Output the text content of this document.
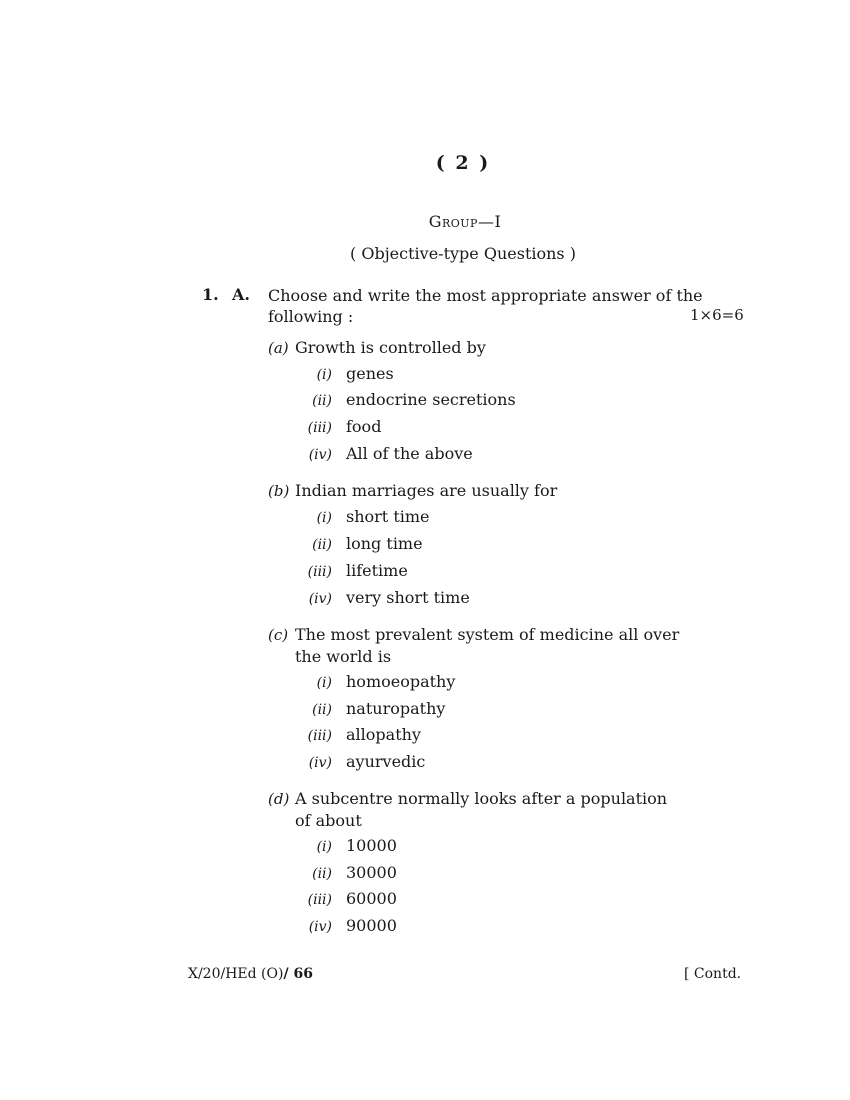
( 2 )
Group—I
( Objective-type Questions )
1. A. Choose and write the most appropriate answer of the following :	1×6=6
(a) Growth is controlled by
(i) genes
(ii) endocrine secretions
(iii) food
(iv) All of the above
(b) Indian marriages are usually for
(i) short time
(ii) long time
(iii) lifetime
(iv) very short time
(c) The most prevalent system of medicine all over
the world is
(i) homoeopathy
(ii) naturopathy
(iii) allopathy
(iv) ayurvedic
(d) A subcentre normally looks after a population
of about
(i) 10000
(ii) 30000
(iii) 60000
(iv) 90000
X/20/HEd (O)/ 66	[ Contd.
